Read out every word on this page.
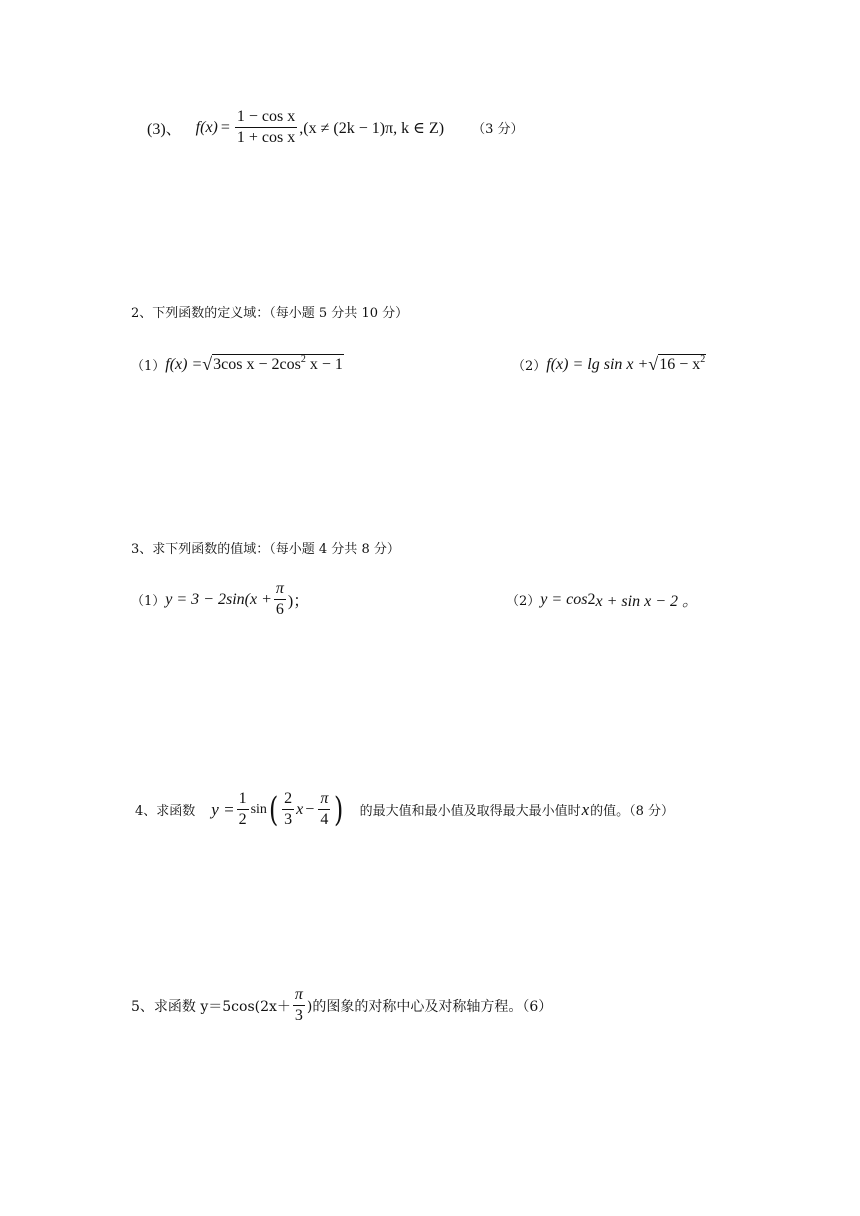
(3)、 $f(x) = \frac{\text{1 − cos x}}{\text{1 + cos x}} ,(x \ne (2k - 1)\pi$, k ∈ Z) （3 分）
2、下列函数的定义域：（每小题 5 分共 10 分）
（1） f(x) = √ 3cos $x - 2\cos^2$ x − 1	（2） f(x) = lg sin x + √ $16 - x^2$
3、求下列函数的值域：（每小题 4 分共 8 分）
（1） $y = 3 - 2\sin(x + \frac{\pi}{6}$ )；	（2） y = cos 2 x + sin x − 2 。
4、求函数 $y = \frac{1}{2}$ sin ( $\frac{2}{3}$ $x - \frac{\pi}{4}$ ) 的最大值和最小值及取得最大最小值时 x 的值。（8 分）
5、求函数 $y=5\cos(2x+ \frac{\pi}{3}$ )的图象的对称中心及对称轴方程。（6）
